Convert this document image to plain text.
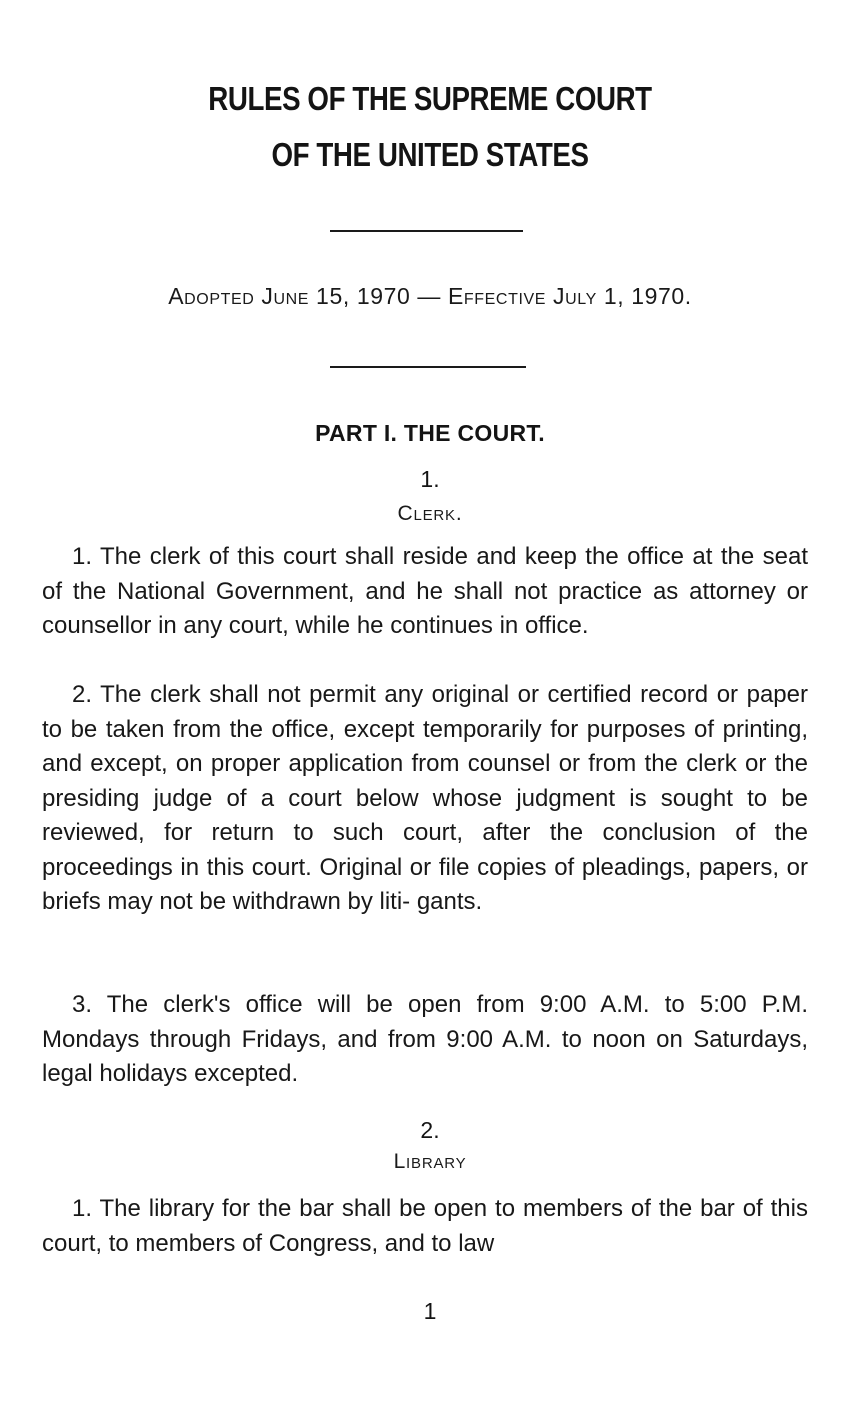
RULES OF THE SUPREME COURT
OF THE UNITED STATES

Adopted June 15, 1970 — Effective July 1, 1970.

PART I. THE COURT.

1.

Clerk.

1. The clerk of this court shall reside and keep the office at the seat of the National Government, and he shall not practice as attorney or counsellor in any court, while he continues in office.

2. The clerk shall not permit any original or certified record or paper to be taken from the office, except temporarily for purposes of printing, and except, on proper application from counsel or from the clerk or the presiding judge of a court below whose judgment is sought to be reviewed, for return to such court, after the conclusion of the proceedings in this court. Original or file copies of pleadings, papers, or briefs may not be withdrawn by liti- gants.

3. The clerk's office will be open from 9:00 A.M. to 5:00 P.M. Mondays through Fridays, and from 9:00 A.M. to noon on Saturdays, legal holidays excepted.

2.

Library

1. The library for the bar shall be open to members of the bar of this court, to members of Congress, and to law

1
